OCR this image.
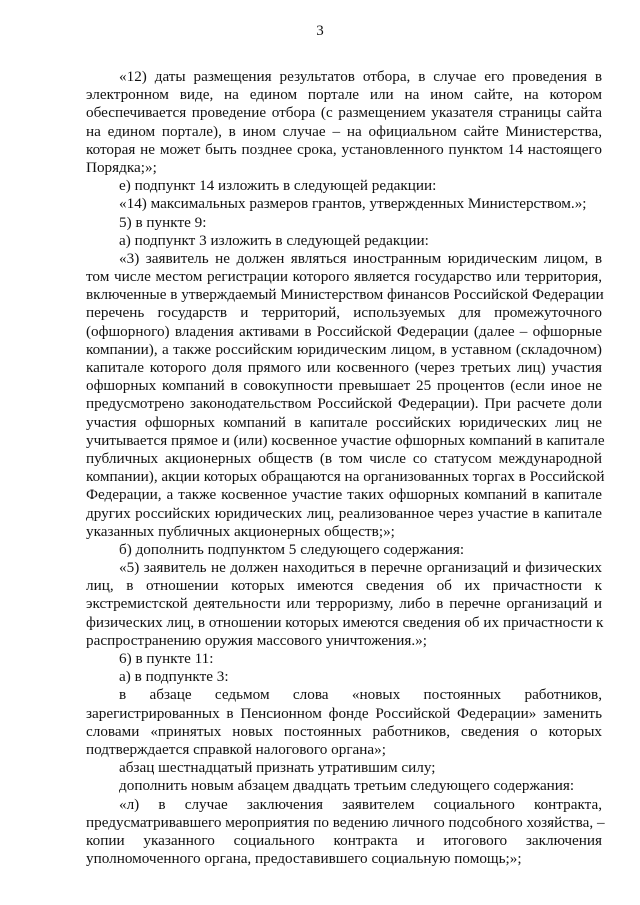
3
«12) даты размещения результатов отбора, в случае его проведения в
электронном виде, на едином портале или на ином сайте, на котором
обеспечивается проведение отбора (с размещением указателя страницы сайта
на едином портале), в ином случае – на официальном сайте Министерства,
которая не может быть позднее срока, установленного пунктом 14 настоящего
Порядка;»;
е) подпункт 14 изложить в следующей редакции:
«14) максимальных размеров грантов, утвержденных Министерством.»;
5) в пункте 9:
а) подпункт 3 изложить в следующей редакции:
«3) заявитель не должен являться иностранным юридическим лицом, в
том числе местом регистрации которого является государство или территория,
включенные в утверждаемый Министерством финансов Российской Федерации
перечень государств и территорий, используемых для промежуточного
(офшорного) владения активами в Российской Федерации (далее – офшорные
компании), а также российским юридическим лицом, в уставном (складочном)
капитале которого доля прямого или косвенного (через третьих лиц) участия
офшорных компаний в совокупности превышает 25 процентов (если иное не
предусмотрено законодательством Российской Федерации). При расчете доли
участия офшорных компаний в капитале российских юридических лиц не
учитывается прямое и (или) косвенное участие офшорных компаний в капитале
публичных акционерных обществ (в том числе со статусом международной
компании), акции которых обращаются на организованных торгах в Российской
Федерации, а также косвенное участие таких офшорных компаний в капитале
других российских юридических лиц, реализованное через участие в капитале
указанных публичных акционерных обществ;»;
б) дополнить подпунктом 5 следующего содержания:
«5) заявитель не должен находиться в перечне организаций и физических
лиц, в отношении которых имеются сведения об их причастности к
экстремистской деятельности или терроризму, либо в перечне организаций и
физических лиц, в отношении которых имеются сведения об их причастности к
распространению оружия массового уничтожения.»;
6) в пункте 11:
а) в подпункте 3:
в абзаце седьмом слова «новых постоянных работников,
зарегистрированных в Пенсионном фонде Российской Федерации» заменить
словами «принятых новых постоянных работников, сведения о которых
подтверждается справкой налогового органа»;
абзац шестнадцатый признать утратившим силу;
дополнить новым абзацем двадцать третьим следующего содержания:
«л) в случае заключения заявителем социального контракта,
предусматривавшего мероприятия по ведению личного подсобного хозяйства, –
копии указанного социального контракта и итогового заключения
уполномоченного органа, предоставившего социальную помощь;»;
